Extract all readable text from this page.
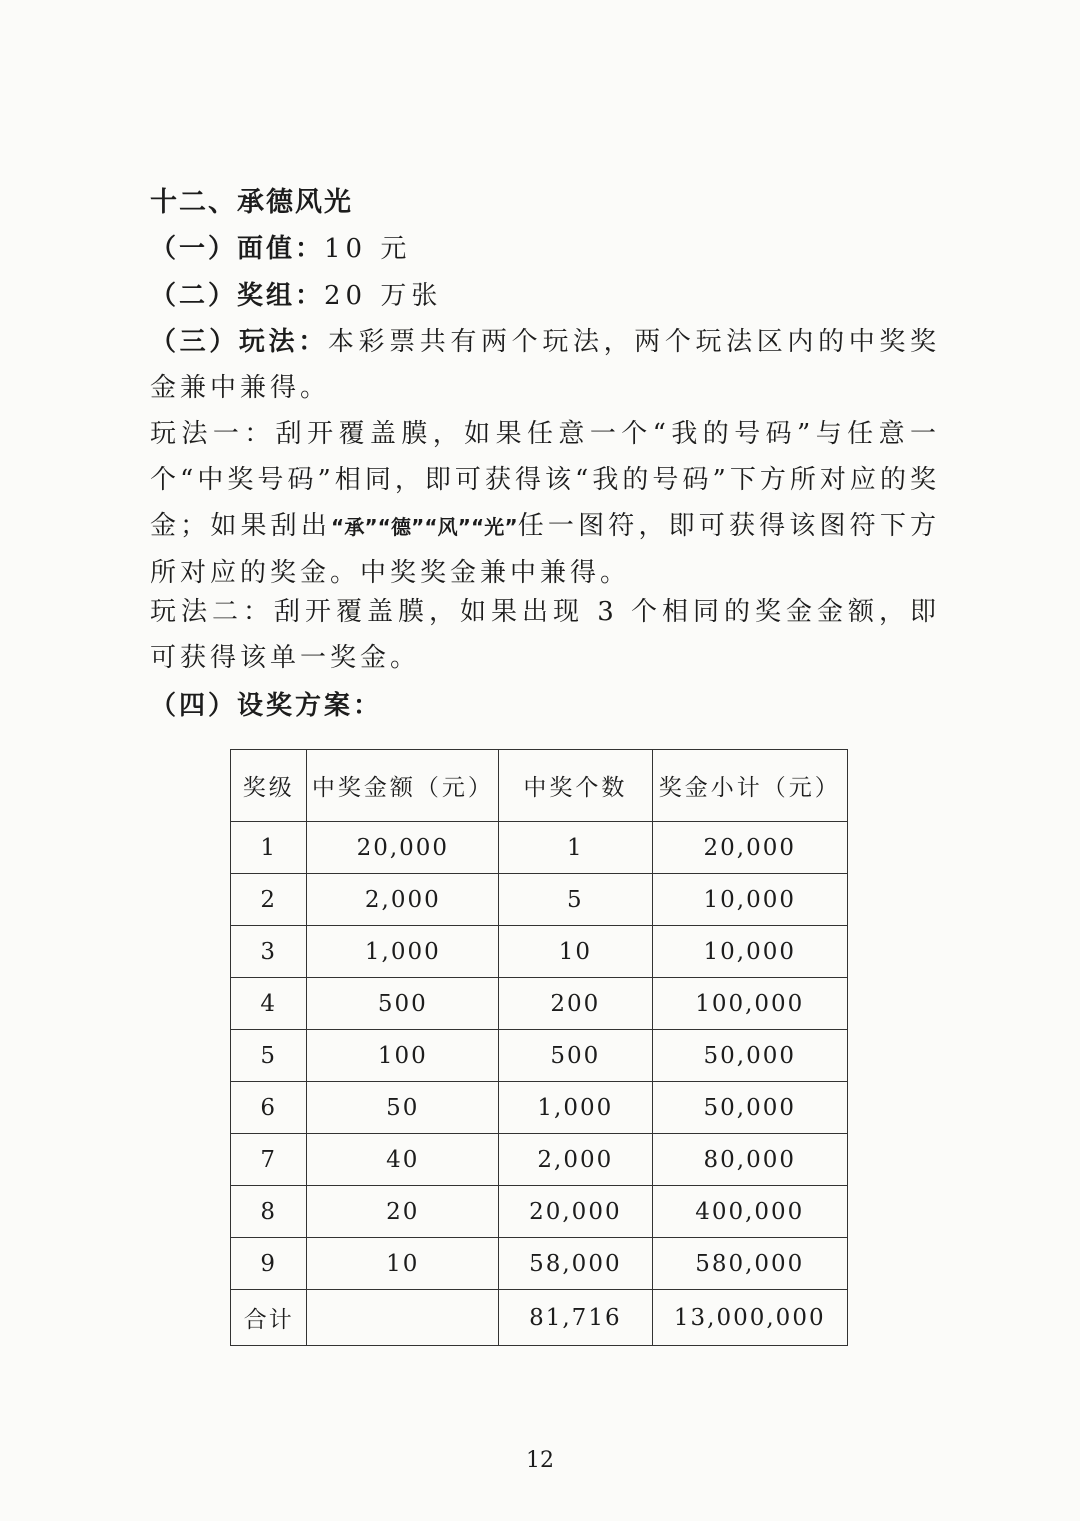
十二、承德风光
（一）面值：10 元
（二）奖组：20 万张
（三）玩法：本彩票共有两个玩法，两个玩法区内的中奖奖金兼中兼得。
玩法一：刮开覆盖膜，如果任意一个“我的号码”与任意一个“中奖号码”相同，即可获得该“我的号码”下方所对应的奖金；如果刮出“承”“德”“风”“光”任一图符，即可获得该图符下方所对应的奖金。中奖奖金兼中兼得。
玩法二：刮开覆盖膜，如果出现 3 个相同的奖金金额，即可获得该单一奖金。
（四）设奖方案：
奖级	中奖金额（元）	中奖个数	奖金小计（元）
1	20,000	1	20,000
2	2,000	5	10,000
3	1,000	10	10,000
4	500	200	100,000
5	100	500	50,000
6	50	1,000	50,000
7	40	2,000	80,000
8	20	20,000	400,000
9	10	58,000	580,000
合计		81,716	13,000,000
12
